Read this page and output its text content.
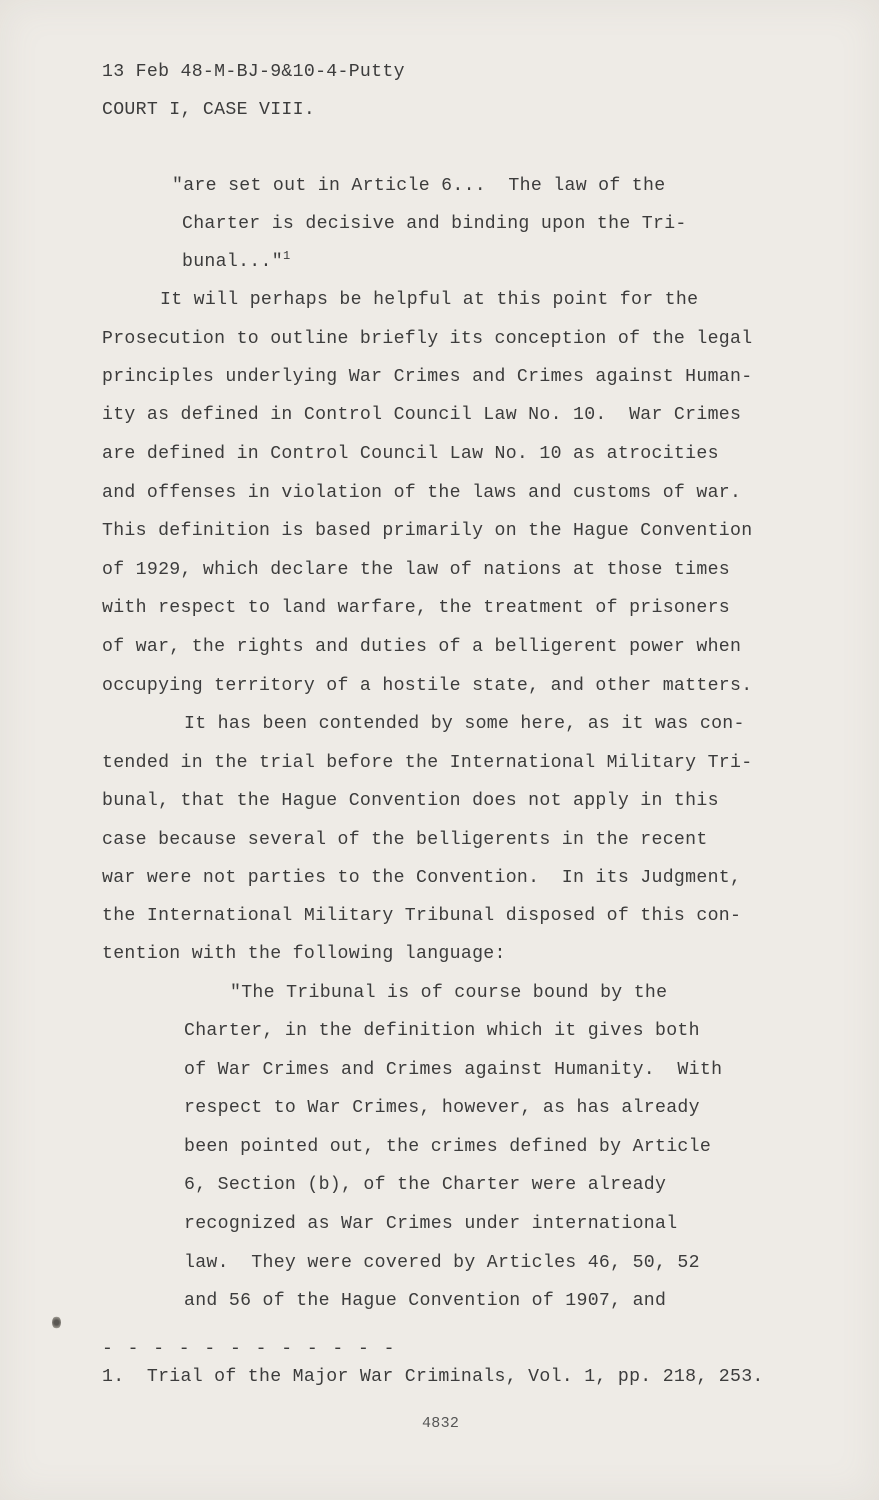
13 Feb 48-M-BJ-9&10-4-Putty
COURT I, CASE VIII.
"are set out in Article 6...  The law of the
Charter is decisive and binding upon the Tri-
bunal..."$^1$
It will perhaps be helpful at this point for the
Prosecution to outline briefly its conception of the legal
principles underlying War Crimes and Crimes against Human-
ity as defined in Control Council Law No. 10.  War Crimes
are defined in Control Council Law No. 10 as atrocities
and offenses in violation of the laws and customs of war.
This definition is based primarily on the Hague Convention
of 1929, which declare the law of nations at those times
with respect to land warfare, the treatment of prisoners
of war, the rights and duties of a belligerent power when
occupying territory of a hostile state, and other matters.
It has been contended by some here, as it was con-
tended in the trial before the International Military Tri-
bunal, that the Hague Convention does not apply in this
case because several of the belligerents in the recent
war were not parties to the Convention.  In its Judgment,
the International Military Tribunal disposed of this con-
tention with the following language:
"The Tribunal is of course bound by the
Charter, in the definition which it gives both
of War Crimes and Crimes against Humanity.  With
respect to War Crimes, however, as has already
been pointed out, the crimes defined by Article
6, Section (b), of the Charter were already
recognized as War Crimes under international
law.  They were covered by Articles 46, 50, 52
and 56 of the Hague Convention of 1907, and
- - - - - - - - - - - -
1.  Trial of the Major War Criminals, Vol. 1, pp. 218, 253.
4832
